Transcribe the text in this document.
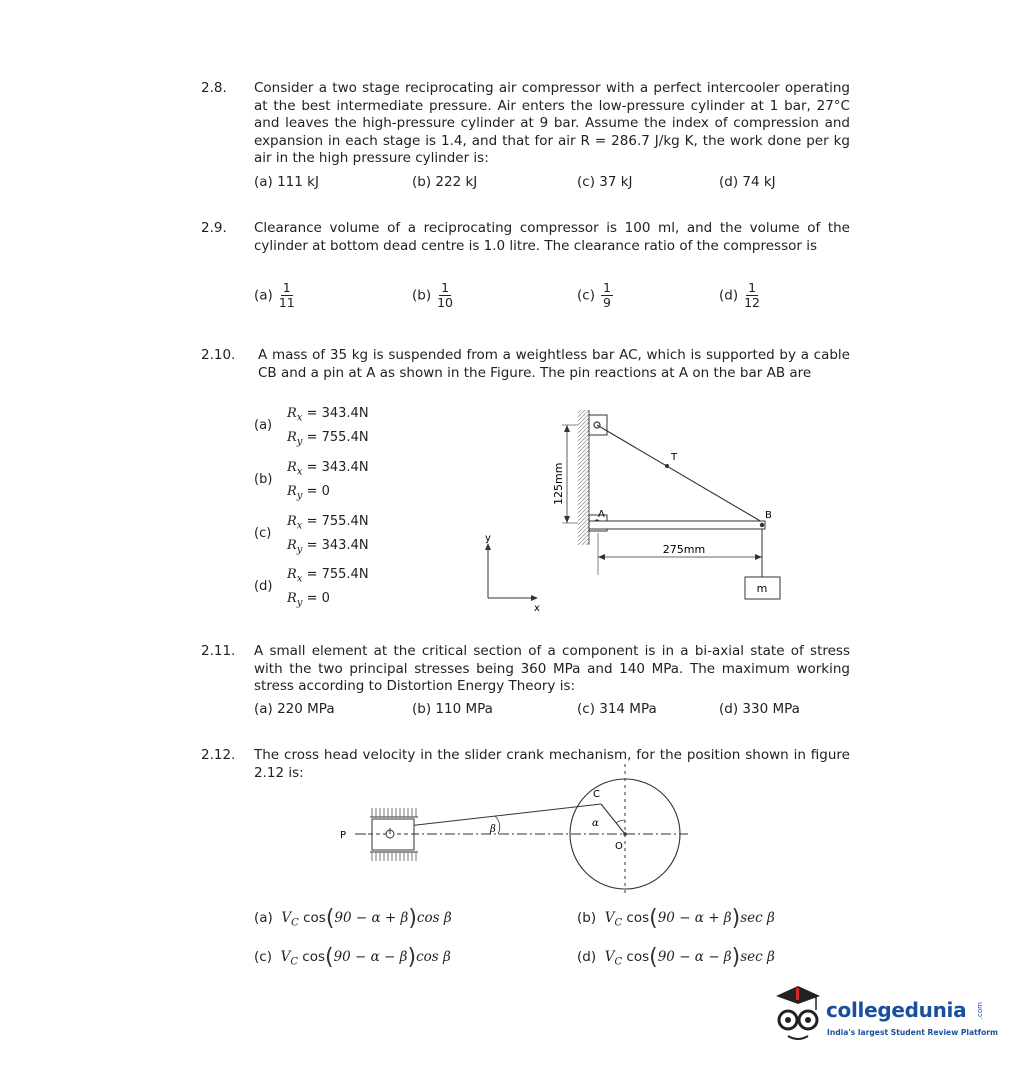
2.8. Consider a two stage reciprocating air compressor with a perfect intercooler operating at the best intermediate pressure. Air enters the low-pressure cylinder at 1 bar, 27°C and leaves the high-pressure cylinder at 9 bar. Assume the index of compression and expansion in each stage is 1.4, and that for air R = 286.7 J/kg K, the work done per kg air in the high pressure cylinder is:
(a) 111 kJ	(b) 222 kJ	(c) 37 kJ	(d) 74 kJ
2.9. Clearance volume of a reciprocating compressor is 100 ml, and the volume of the cylinder at bottom dead centre is 1.0 litre. The clearance ratio of the compressor is
$(a) \frac{1}{11}$	$(b) \frac{1}{10}$	$(c) \frac{1}{9}$	$(d) \frac{1}{12}$
2.10. A mass of 35 kg is suspended from a weightless bar AC, which is supported by a cable CB and a pin at A as shown in the Figure. The pin reactions at A on the bar AB are
(a)
$R_x = 343.4N$
$R_y = 755.4N$
(b)
$R_x = 343.4N$
$R_y = 0$
(c)
$R_x = 755.4N$
$R_y = 343.4N$
(d)
$R_x = 755.4N$
$R_y = 0$
y
x
m
125mm
275mm
A	B
T
2.11. A small element at the critical section of a component is in a bi-axial state of stress with the two principal stresses being 360 MPa and 140 MPa. The maximum working stress according to Distortion Energy Theory is:
(a) 220 MPa	(b) 110 MPa	(c) 314 MPa	(d) 330 MPa
2.12. The cross head velocity in the slider crank mechanism, for the position shown in figure 2.12 is:
P
C
O
α
β
(a) $V_C$ cos(90 − α + β)cos β	(b) $V_C$ cos(90 − α + β)sec β
(c) $V_C$ cos(90 − α − β)cos β	(d) $V_C$ cos(90 − α − β)sec β
collegedunia .com
India's largest Student Review Platform
